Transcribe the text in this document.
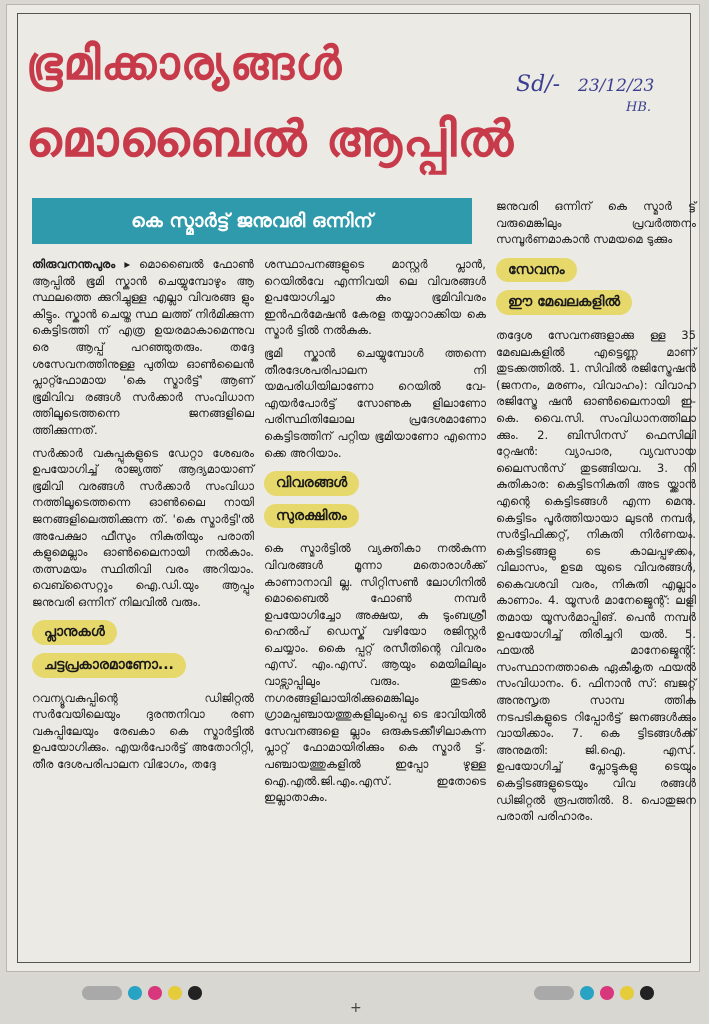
ഭൂമിക്കാര്യങ്ങൾ
മൊബൈൽ ആപ്പിൽ
Sd/- 23/12/23
HB.
കെ സ്മാർട്ട് ജനുവരി ഒന്നിന്

തിരുവനന്തപുരം ▸ മൊബൈൽ ഫോൺ ആപ്പിൽ ഭൂമി സ്കാൻ ചെയ്യുമ്പോഴും ആ സ്ഥലത്തെ ക്കുറിച്ചുള്ള എല്ലാ വിവരങ്ങ ളും കിട്ടും. സ്കാൻ ചെയ്ത സ്ഥ ലത്ത് നിർമിക്കുന്ന കെട്ടിടത്തി ന് എത്ര ഉയരമാകാമെന്നുവ രെ ആപ്പ് പറഞ്ഞുതരും. തദ്ദേ ശസേവനത്തിനുള്ള പുതിയ ഓൺലൈൻ പ്ലാറ്റ്ഫോമായ 'കെ സ്മാർട്ട്' ആണ് ഭൂമിവിവ രങ്ങൾ സർക്കാർ സംവിധാന ത്തിലൂടെത്തന്നെ ജനങ്ങളിലെ ത്തിക്കുന്നത്.

സർക്കാർ വകുപ്പുകളുടെ ഡേറ്റാ ശേഖരം ഉപയോഗിച്ച് രാജ്യത്ത് ആദ്യമായാണ് ഭൂമിവി വരങ്ങൾ സർക്കാർ സംവിധാ നത്തിലൂടെത്തന്നെ ഓൺലൈ നായി ജനങ്ങളിലെത്തിക്കുന്ന ത്. 'കെ സ്മാർട്ടി'ൽ അപേക്ഷാ ഫീസും നികുതിയും പരാതി കളുമെല്ലാം ഓൺലൈനായി നൽകാം. തത്സമയം സ്ഥിതിവി വരം അറിയാം. വെബ്സൈറ്റും ഐ.ഡി.യും ആപ്പും ജനുവരി ഒന്നിന് നിലവിൽ വരും.

പ്ലാനുകൾ
ചട്ടപ്രകാരമാണോ...

റവന്യൂവകുപ്പിന്റെ ഡിജിറ്റൽ സർവേയിലെയും ദുരന്തനിവാ രണ വകുപ്പിലേയും രേഖകാ കെ സ്മാർട്ടിൽ ഉപയോഗിക്കും. എയർപോർട്ട് അതോറിറ്റി, തീര ദേശപരിപാലന വിഭാഗം, തദ്ദേ

ശസ്ഥാപനങ്ങളുടെ മാസ്റ്റർ പ്ലാൻ, റെയിൽവേ എന്നിവയി ലെ വിവരങ്ങൾ ഉപയോഗിച്ചാ കും ഭൂമിവിവരം ഇൻഫർമേഷൻ കേരള തയ്യാറാക്കിയ കെ സ്മാർ ട്ടിൽ നൽകുക.

ഭൂമി സ്കാൻ ചെയ്യുമ്പോൾ ത്തന്നെ തീരദേശപരിപാലന നി യമപരിധിയിലാണോ റെയിൽ വേ-എയർപോർട്ട് സോണുക ളിലാണോ പരിസ്ഥിതിലോല പ്രദേശമാണോ കെട്ടിടത്തിന് പറ്റിയ ഭൂമിയാണോ എന്നൊ ക്കെ അറിയാം.

വിവരങ്ങൾ
സുരക്ഷിതം

കെ സ്മാർട്ടിൽ വ്യക്തികാ നൽകുന്ന വിവരങ്ങൾ മൂന്നാ മതൊരാൾക്ക് കാണാനാവി ല്ല. സിറ്റിസൺ ലോഗിനിൽ മൊബൈൽ ഫോൺ നമ്പർ ഉപയോഗിച്ചോ അക്ഷയ, കു ടുംബശ്രീ ഹെൽപ് ഡെസ്ക് വഴിയോ രജിസ്റ്റർ ചെയ്യാം. കൈ പ്പറ്റ് രസീതിന്റെ വിവരം എസ്. എം.എസ്. ആയും മെയിലിലും വാട്സാപ്പിലും വരും. തുടക്കം നഗരങ്ങളിലായിരിക്കുമെങ്കിലും ഗ്രാമപ്പഞ്ചായത്തുകളിലുംപ്പെ ടെ ഭാവിയിൽ സേവനങ്ങളെ ല്ലാം ഒരുകുടക്കീഴിലാകുന്ന പ്ലാറ്റ് ഫോമായിരിക്കും കെ സ്മാർ ട്ട്. പഞ്ചായത്തുകളിൽ ഇപ്പോ ഴുള്ള ഐ.എൽ.ജി.എം.എസ്. ഇതോടെ ഇല്ലാതാകും.

ജനുവരി ഒന്നിന് കെ സ്മാർ ട്ട് വരുമെങ്കിലും പ്രവർത്തനം സമ്പൂർണമാകാൻ സമയമെ ടുക്കും

സേവനം
ഈ മേഖലകളിൽ

തദ്ദേശ സേവനങ്ങളാക്കു ള്ള 35 മേഖലകളിൽ എട്ടെണ്ണ മാണ് തുടക്കത്തിൽ. 1. സിവിൽ രജിസ്ട്രേഷൻ (ജനനം, മരണം, വിവാഹം): വിവാഹ രജിസ്ട്രേ ഷൻ ഓൺലൈനായി ഇ-കെ. വൈ.സി. സംവിധാനത്തിലാ ക്കും. 2. ബിസിനസ് ഫെസിലി റ്റേഷൻ: വ്യാപാര, വ്യവസായ ലൈസൻസ് തുടങ്ങിയവ. 3. നി കുതികാര: കെട്ടിടനികുതി അട യ്ക്കാൻ എന്റെ കെട്ടിടങ്ങൾ എന്ന മെനു. കെട്ടിടം പൂർത്തിയായാ ലുടൻ നമ്പർ, സർട്ടിഫിക്കറ്റ്, നികുതി നിർണയം. കെട്ടിടങ്ങളു ടെ കാലപ്പഴക്കം, വിലാസം, ഉടമ യുടെ വിവരങ്ങൾ, കൈവശവി വരം, നികുതി എല്ലാം കാണാം. 4. യൂസർ മാനേജ്മെന്റ്: ലളി തമായ യൂസർമാപ്പിങ്. പെൻ നമ്പർ ഉപയോഗിച്ച് തിരിച്ചറി യൽ. 5. ഫയൽ മാനേജ്മെന്റ്: സംസ്ഥാനത്താകെ ഏകീകൃത ഫയൽ സംവിധാനം. 6. ഫിനാൻ സ്: ബജറ്റ് അനുസൃത സാമ്പ ത്തിക നടപടികളുടെ റിപ്പോർട്ട് ജനങ്ങൾക്കും വായിക്കാം. 7. കെ ട്ടിടങ്ങൾക്ക് അനുമതി: ജി.ഐ. എസ്. ഉപയോഗിച്ച് പ്ലോട്ടുകളു ടെയും കെട്ടിടങ്ങളുടെയും വിവ രങ്ങൾ ഡിജിറ്റൽ രൂപത്തിൽ. 8. പൊതുജന പരാതി പരിഹാരം.

+
